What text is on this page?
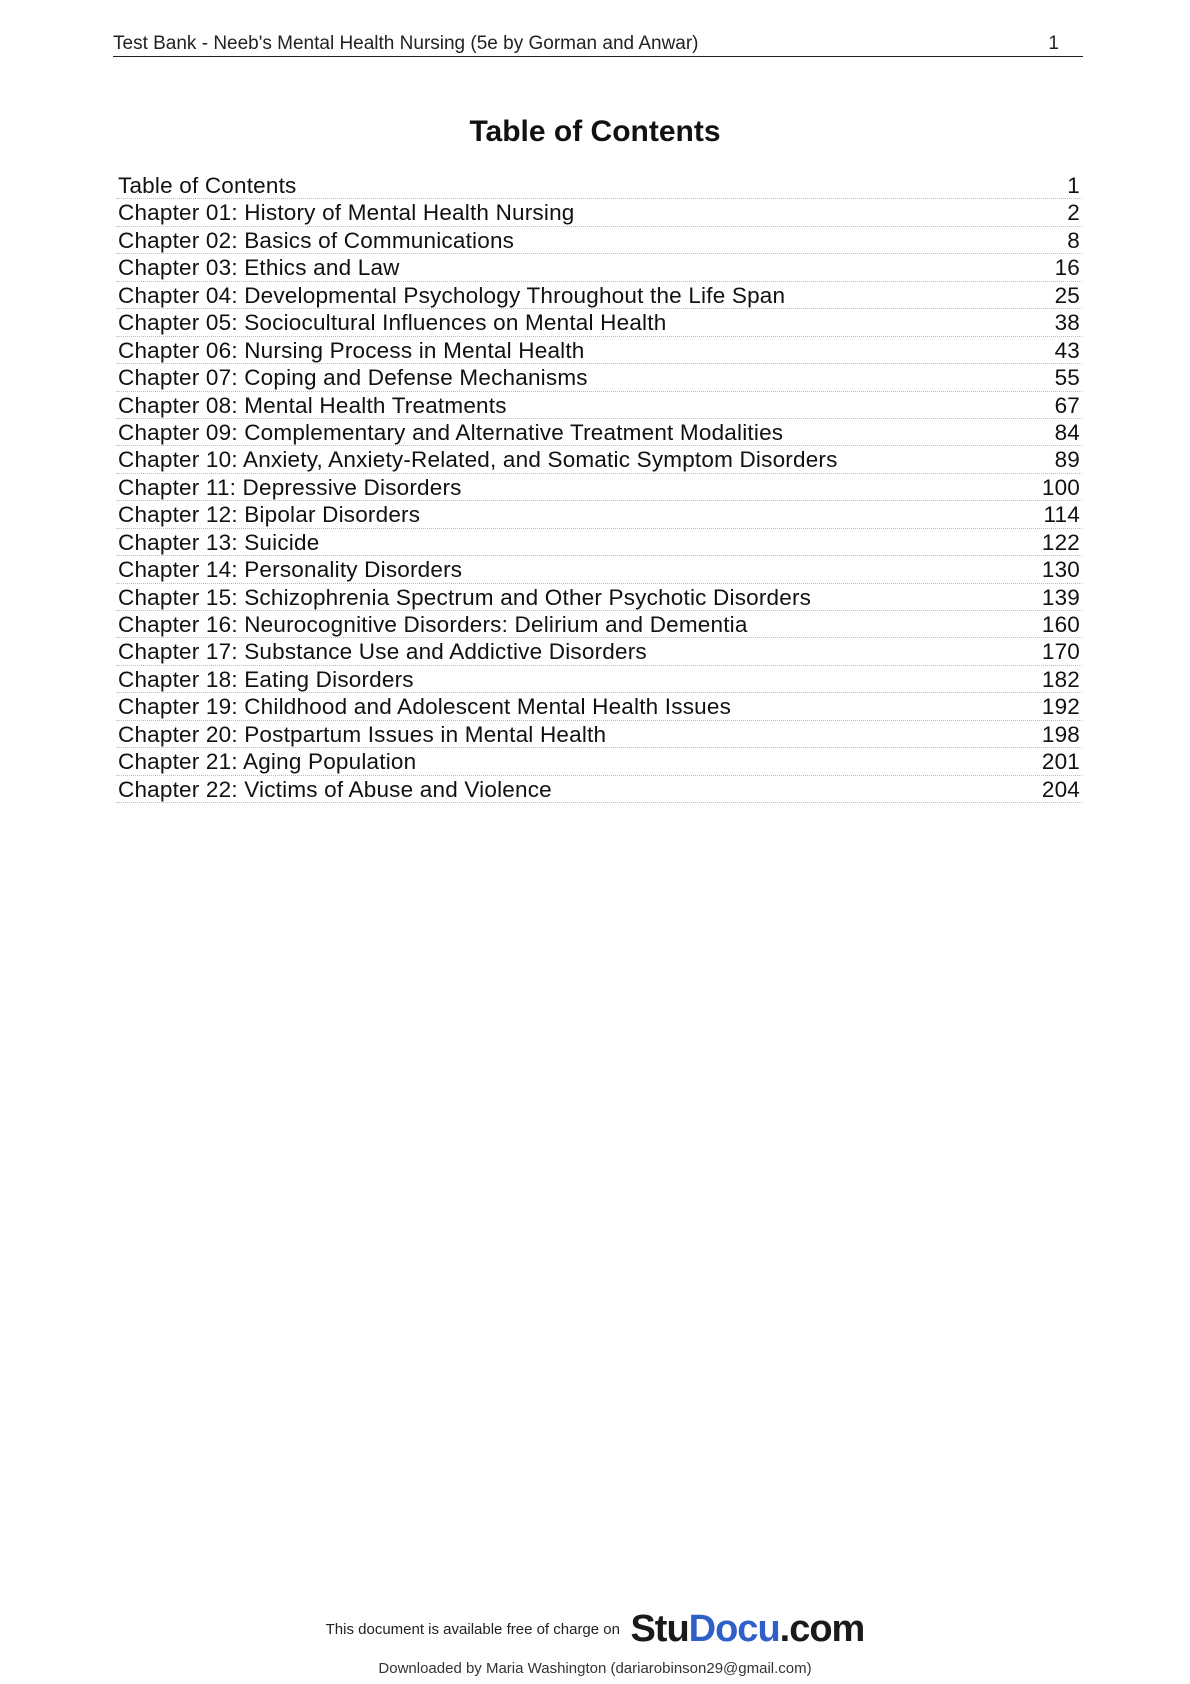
Test Bank - Neeb's Mental Health Nursing (5e by Gorman and Anwar)	1
Table of Contents
Table of Contents	1
Chapter 01: History of Mental Health Nursing	2
Chapter 02: Basics of Communications	8
Chapter 03: Ethics and Law	16
Chapter 04: Developmental Psychology Throughout the Life Span	25
Chapter 05: Sociocultural Influences on Mental Health	38
Chapter 06: Nursing Process in Mental Health	43
Chapter 07: Coping and Defense Mechanisms	55
Chapter 08: Mental Health Treatments	67
Chapter 09: Complementary and Alternative Treatment Modalities	84
Chapter 10: Anxiety, Anxiety-Related, and Somatic Symptom Disorders	89
Chapter 11: Depressive Disorders	100
Chapter 12: Bipolar Disorders	114
Chapter 13: Suicide	122
Chapter 14: Personality Disorders	130
Chapter 15: Schizophrenia Spectrum and Other Psychotic Disorders	139
Chapter 16: Neurocognitive Disorders: Delirium and Dementia	160
Chapter 17: Substance Use and Addictive Disorders	170
Chapter 18: Eating Disorders	182
Chapter 19: Childhood and Adolescent Mental Health Issues	192
Chapter 20: Postpartum Issues in Mental Health	198
Chapter 21: Aging Population	201
Chapter 22: Victims of Abuse and Violence	204
This document is available free of charge on StuDocu.com
Downloaded by Maria Washington (dariarobinson29@gmail.com)
